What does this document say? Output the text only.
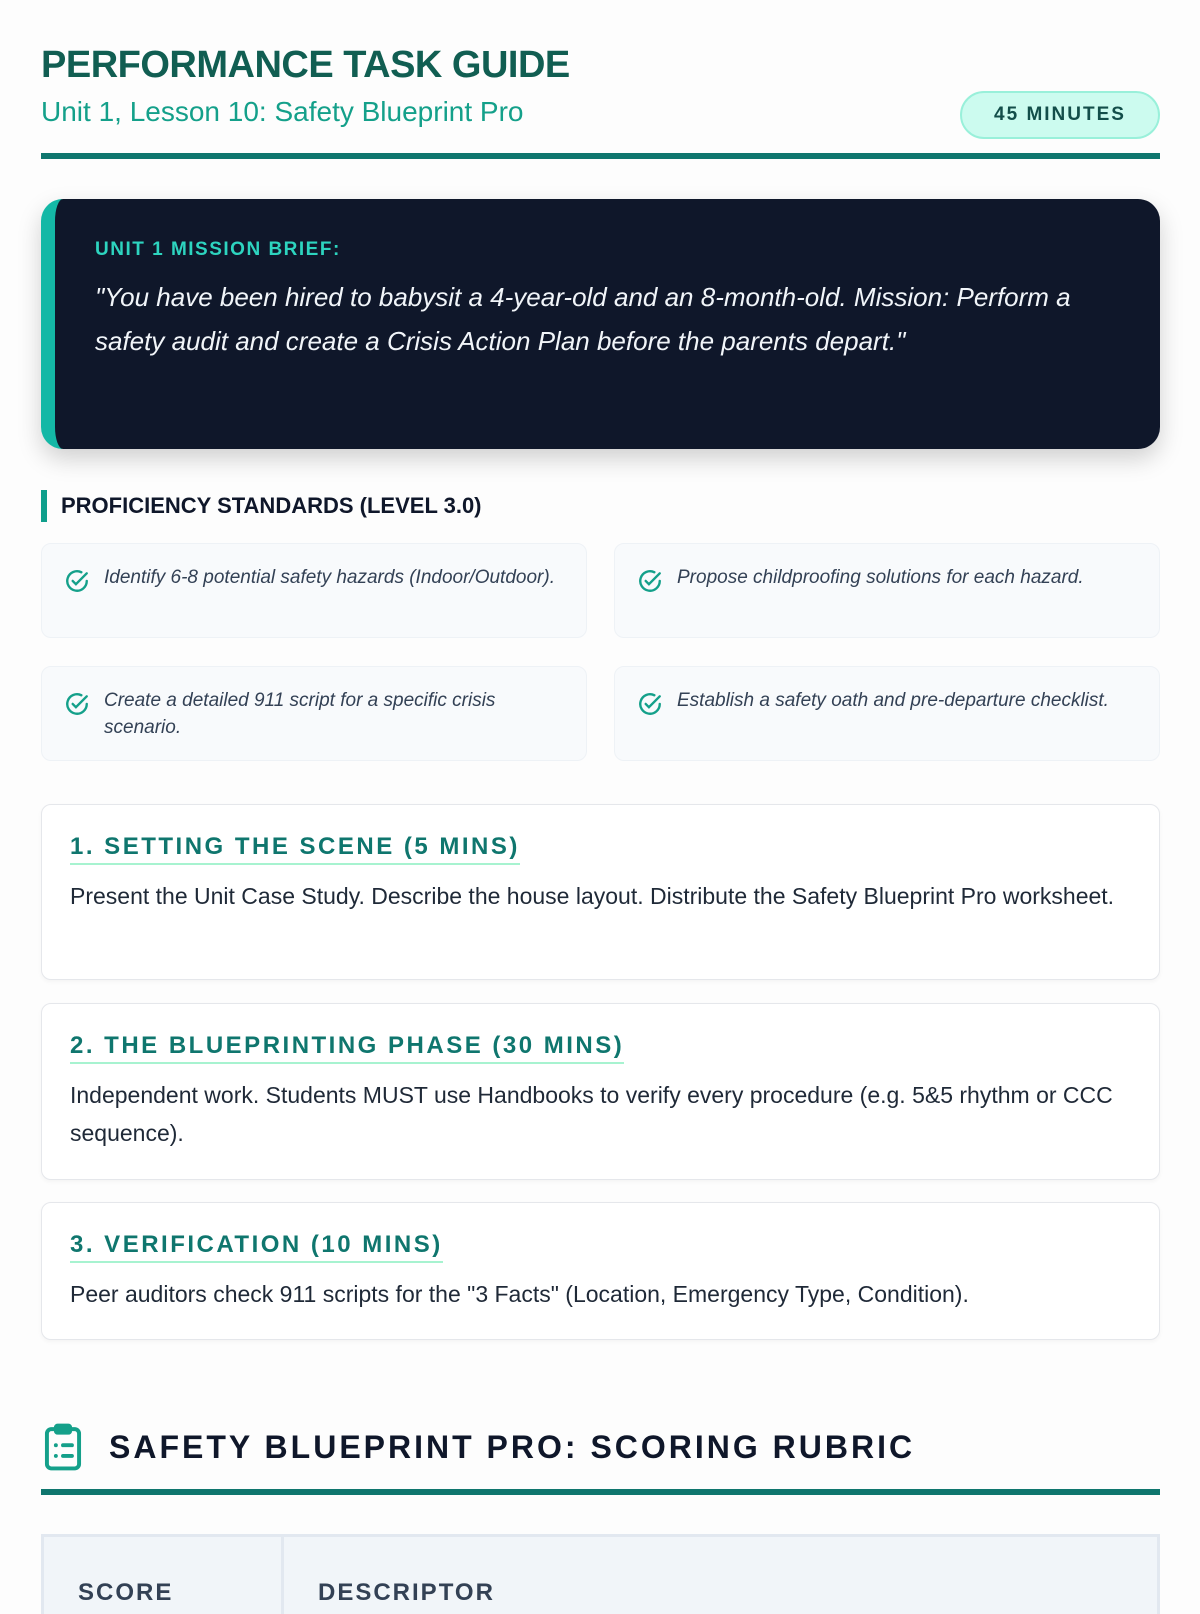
PERFORMANCE TASK GUIDE
Unit 1, Lesson 10: Safety Blueprint Pro	45 MINUTES
UNIT 1 MISSION BRIEF:
"You have been hired to babysit a 4-year-old and an 8-month-old. Mission: Perform a safety audit and create a Crisis Action Plan before the parents depart."
PROFICIENCY STANDARDS (LEVEL 3.0)
Identify 6-8 potential safety hazards (Indoor/Outdoor).	Propose childproofing solutions for each hazard.
Create a detailed 911 script for a specific crisis scenario.
Establish a safety oath and pre-departure checklist.
1. SETTING THE SCENE (5 MINS)
Present the Unit Case Study. Describe the house layout. Distribute the Safety Blueprint Pro worksheet.
2. THE BLUEPRINTING PHASE (30 MINS)
Independent work. Students MUST use Handbooks to verify every procedure (e.g. 5&5 rhythm or CCC sequence).
3. VERIFICATION (10 MINS)
Peer auditors check 911 scripts for the "3 Facts" (Location, Emergency Type, Condition).
SAFETY BLUEPRINT PRO: SCORING RUBRIC
SCORE	DESCRIPTOR
